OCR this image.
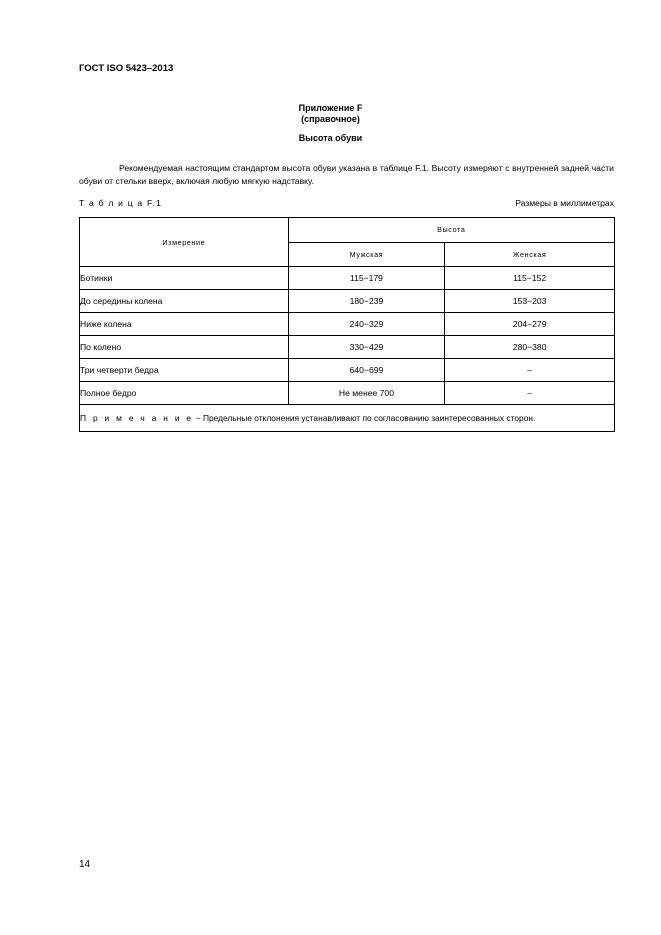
ГОСТ ISO 5423–2013
Приложение F
(справочное)
Высота обуви
Рекомендуемая настоящим стандартом высота обуви указана в таблице F.1. Высоту измеряют с внутренней задней части обуви от стельки вверх, включая любую мягкую надставку.
Т а б л и ц а F.1	Размеры в миллиметрах
Измерение	Высота	
	Мужская	Женская
Ботинки	115−179	115−152
До середины колена	180−239	153−203
Ниже колена	240−329	204−279
По колено	330−429	280−380
Три четверти бедра	640−699	–
Полное бедро	Не менее 700	–
П р и м е ч а н и е − Предельные отклонения устанавливают по согласованию заинтересованных сторон.		
14
